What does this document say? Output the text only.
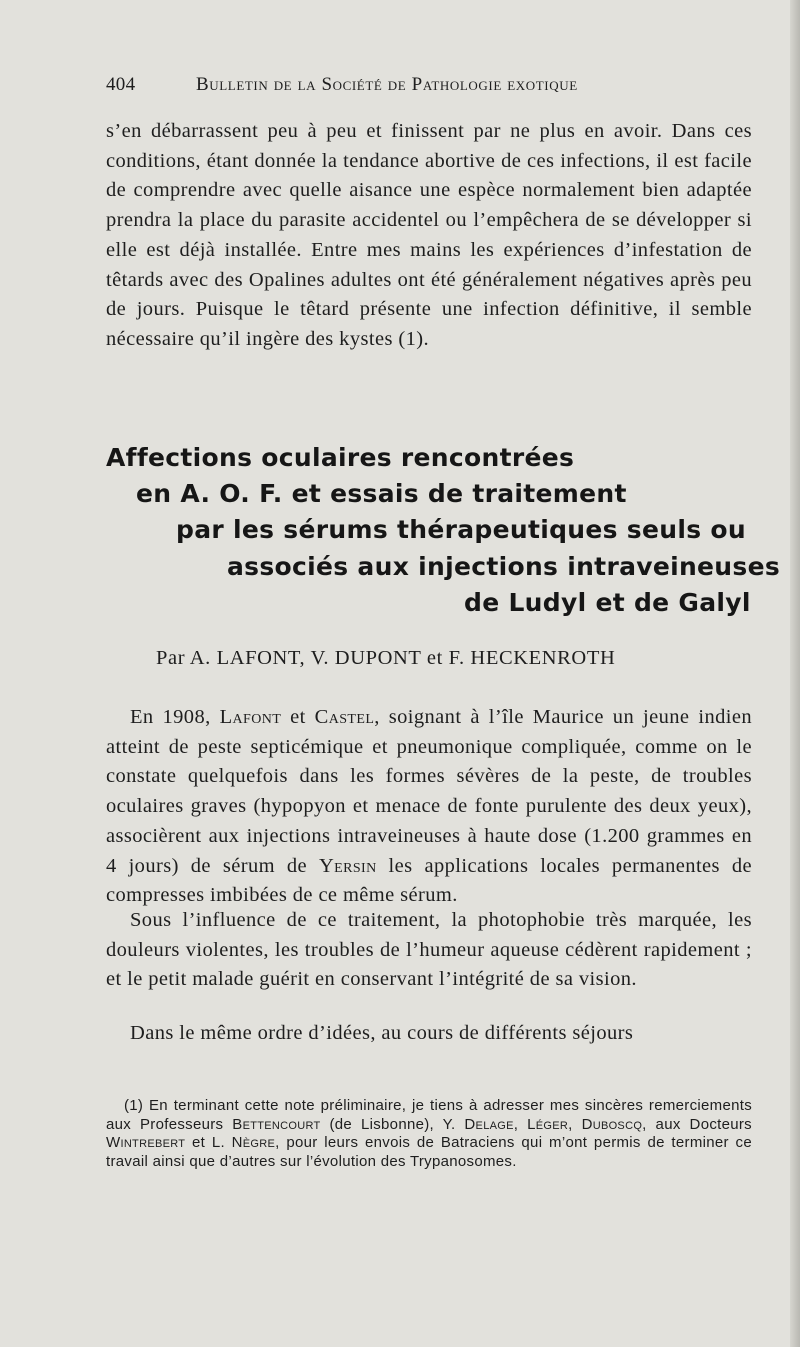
404	Bulletin de la Société de Pathologie exotique

s’en débarrassent peu à peu et finissent par ne plus en avoir. Dans ces conditions, étant donnée la tendance abortive de ces infections, il est facile de comprendre avec quelle aisance une espèce normalement bien adaptée prendra la place du parasite accidentel ou l’empêchera de se développer si elle est déjà installée. Entre mes mains les expériences d’infestation de têtards avec des Opalines adultes ont été généralement négatives après peu de jours. Puisque le têtard présente une infection définitive, il semble nécessaire qu’il ingère des kystes (1).

Affections oculaires rencontrées
en A. O. F. et essais de traitement
par les sérums thérapeutiques seuls ou
associés aux injections intraveineuses
de Ludyl et de Galyl

Par A. LAFONT, V. DUPONT et F. HECKENROTH

En 1908, Lafont et Castel, soignant à l’île Maurice un jeune indien atteint de peste septicémique et pneumonique compliquée, comme on le constate quelquefois dans les formes sévères de la peste, de troubles oculaires graves (hypopyon et menace de fonte purulente des deux yeux), associèrent aux injections intraveineuses à haute dose (1.200 grammes en 4 jours) de sérum de Yersin les applications locales permanentes de compresses imbibées de ce même sérum.

Sous l’influence de ce traitement, la photophobie très marquée, les douleurs violentes, les troubles de l’humeur aqueuse cédèrent rapidement ; et le petit malade guérit en conservant l’intégrité de sa vision.

Dans le même ordre d’idées, au cours de différents séjours

(1) En terminant cette note préliminaire, je tiens à adresser mes sincères remerciements aux Professeurs Bettencourt (de Lisbonne), Y. Delage, Léger, Duboscq, aux Docteurs Wintrebert et L. Nègre, pour leurs envois de Batraciens qui m’ont permis de terminer ce travail ainsi que d’autres sur l’évolution des Trypanosomes.
